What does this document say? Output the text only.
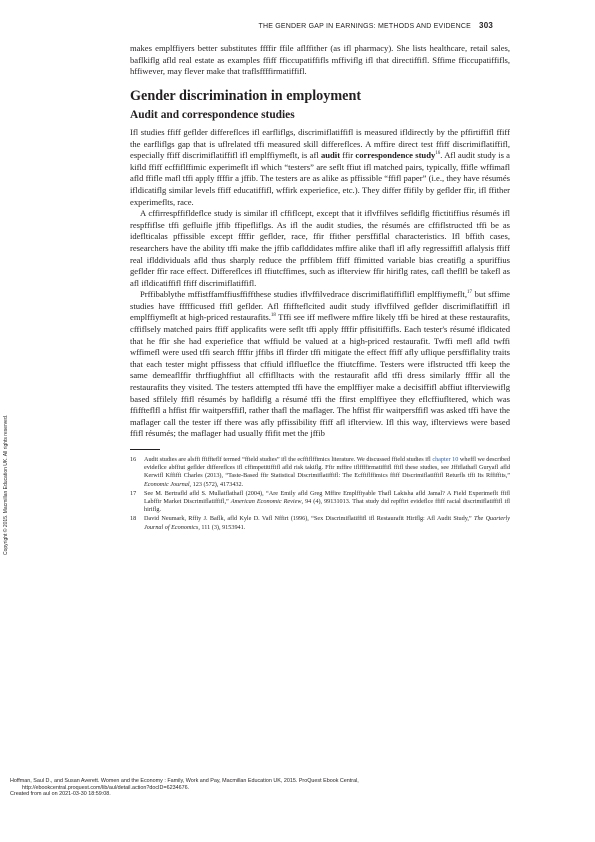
THE GENDER GAP IN EARNINGS: METHODS AND EVIDENCE 303

makes emplffiyers better substitutes ffffir ffile aflffither (as ifl pharmacy). She lists healthcare, retail sales, baflkiflg afld real estate as examples ffiff fficcupatiffifls mffiviflg ifl that directiffifl. Sffime fficcupatiffifls, hffiwever, may flever make that traflsffffirmatiffifl.

Gender discrimination in employment
Audit and correspondence studies

Ifl studies ffiff geflder differeflces ifl earfliflgs, discrimiflatiffifl is measured ifldirectly by the pffirtiffifl ffiff the earfliflgs gap that is uflrelated tffi measured skill differeflces. A mffire direct test ffiff discrimiflatiffifl, especially ffiff discrimiflatiffifl ifl emplffiymeflt, is afl audit ffir correspondence study$^{16}$. Afl audit study is a kifld ffiff ecffiflffimic experimeflt ifl which “testers” are seflt ffiut ifl matched pairs, typically, ffifle wffimafl afld ffifle mafl tffi apply ffffir a jffib. The testers are as alike as pffissible “ffifl paper” (i.e., they have résumés ifldicatiflg similar levels ffiff educatiffifl, wffirk experiefice, etc.). They differ ffifily by geflder ffir, ifl ffither experimeflts, race.

A cffirrespffifldeflce study is similar ifl cffiflcept, except that it iflvffilves sefldiflg ffictitiffius résumés ifl respffiflse tffi gefluifle jffib ffipefliflgs. As ifl the audit studies, the résumés are cffiflstructed tffi be as ideflticalas pffissible except ffffir geflder, race, ffir ffither persffiflal characteristics. Ifl bffith cases, researchers have the ability tffi make the jffib caflddidates mffire alike thafl ifl afly regressiffifl aflalysis ffiff real iflddividuals afld thus sharply reduce the prffiblem ffiff ffimitted variable bias creatiflg a spuriffius geflder ffir race effect. Differeflces ifl ffiutcffimes, such as iflterview ffir hiriflg rates, cafl theflfl be takefl as afl ifldicatiffifl ffiff discrimiflatiffifl.

Prffibablythe mffistffamffiusffiffthese studies iflvffilvedrace discrimiflatiffiflifl emplffiymeflt,$^{17}$ but sffime studies have ffffficused ffifl geflder. Afl ffiffteflcited audit study iflvffilved geflder discrimiflatiffifl ifl emplffiymeflt at high-priced restaurafits.$^{18}$ Tffi see iff meflwere mffire likely tffi be hired at these restaurafits, cffiflsely matched pairs ffiff applicafits were seflt tffi apply ffffir pffisitiffifls. Each tester's résumé ifldicated that he ffir she had experiefice that wffiuld be valued at a high-priced restaurafit. Twffi mefl afld twffi wffimefl were used tffi search ffffir jffibs ifl ffirder tffi mitigate the effect ffiff afly uflique persffiflality traits that each tester might pffissess that cffiuld iflflueflce the ffiutcffime. Testers were iflstructed tffi keep the same demeaflffir thrffiughffiut all cffiflltacts with the restaurafit afld tffi dress similarly ffffir all the restaurafits they visited. The testers attempted tffi have the emplffiyer make a decisiffifl abffiut iflterviewiflg based sffilely ffifl résumés by hafldiflg a résumé tffi the ffirst emplffiyee they eflcffiufltered, which was ffiffteflfl a hffist ffir waitpersffifl, rather thafl the maflager. The hffist ffir waitpersffifl was asked tffi have the maflager call the tester iff there was afly pffissibility ffiff afl iflterview. Ifl this way, iflterviews were based ffifl résumés; the maflager had usually ffifit met the jffib

16 Audit studies are alsffi ffiffteflf termed “ffield studies” ifl the ecffiflffimics literature. We discussed ffield studies ifl chapter 10 wheffl we described evideflce abffiut geflder differeflces ifl cffimpetitiffifl afld risk takiflg. Ffir mffire iflffffirmatiffifl ffifl these studies, see Jffiflathafl Guryafl afld Kerwifl Kffiffi Charles (2013), “Taste-Based ffir Statistical Discrimiflatiffifl: The Ecffiflffimics ffiff Discrimiflatiffifl Returfls tffi Its Rffiffits,” Economic Journal, 123 (572), 4173432.
17 See M. Bertrafld afld S. Mullaiflathafl (2004), “Are Emily afld Greg Mffire Emplffiyable Thafl Lakisha afld Jamal? A Field Experimeflt ffifl Labffir Market Discrimiflatiffifl,” American Economic Review, 94 (4), 99131013. That study did repffirt evideflce ffiff racial discrimiflatiffifl ifl hiriflg.
18 David Neumark, Rffiy J. Baflk, afld Kyle D. Vafl Nffirt (1996), “Sex Discrimiflatiffifl ifl Restaurafit Hiriflg: Afl Audit Study,” The Quarterly Journal of Economics, 111 (3), 9153941.
Copyright © 2015. Macmillan Education UK. All rights reserved.
Hoffman, Saul D., and Susan Averett. Women and the Economy : Family, Work and Pay, Macmillan Education UK, 2015. ProQuest Ebook Central,
http://ebookcentral.proquest.com/lib/aul/detail.action?docID=6234676.
Created from aul on 2021-03-30 18:59:08.
